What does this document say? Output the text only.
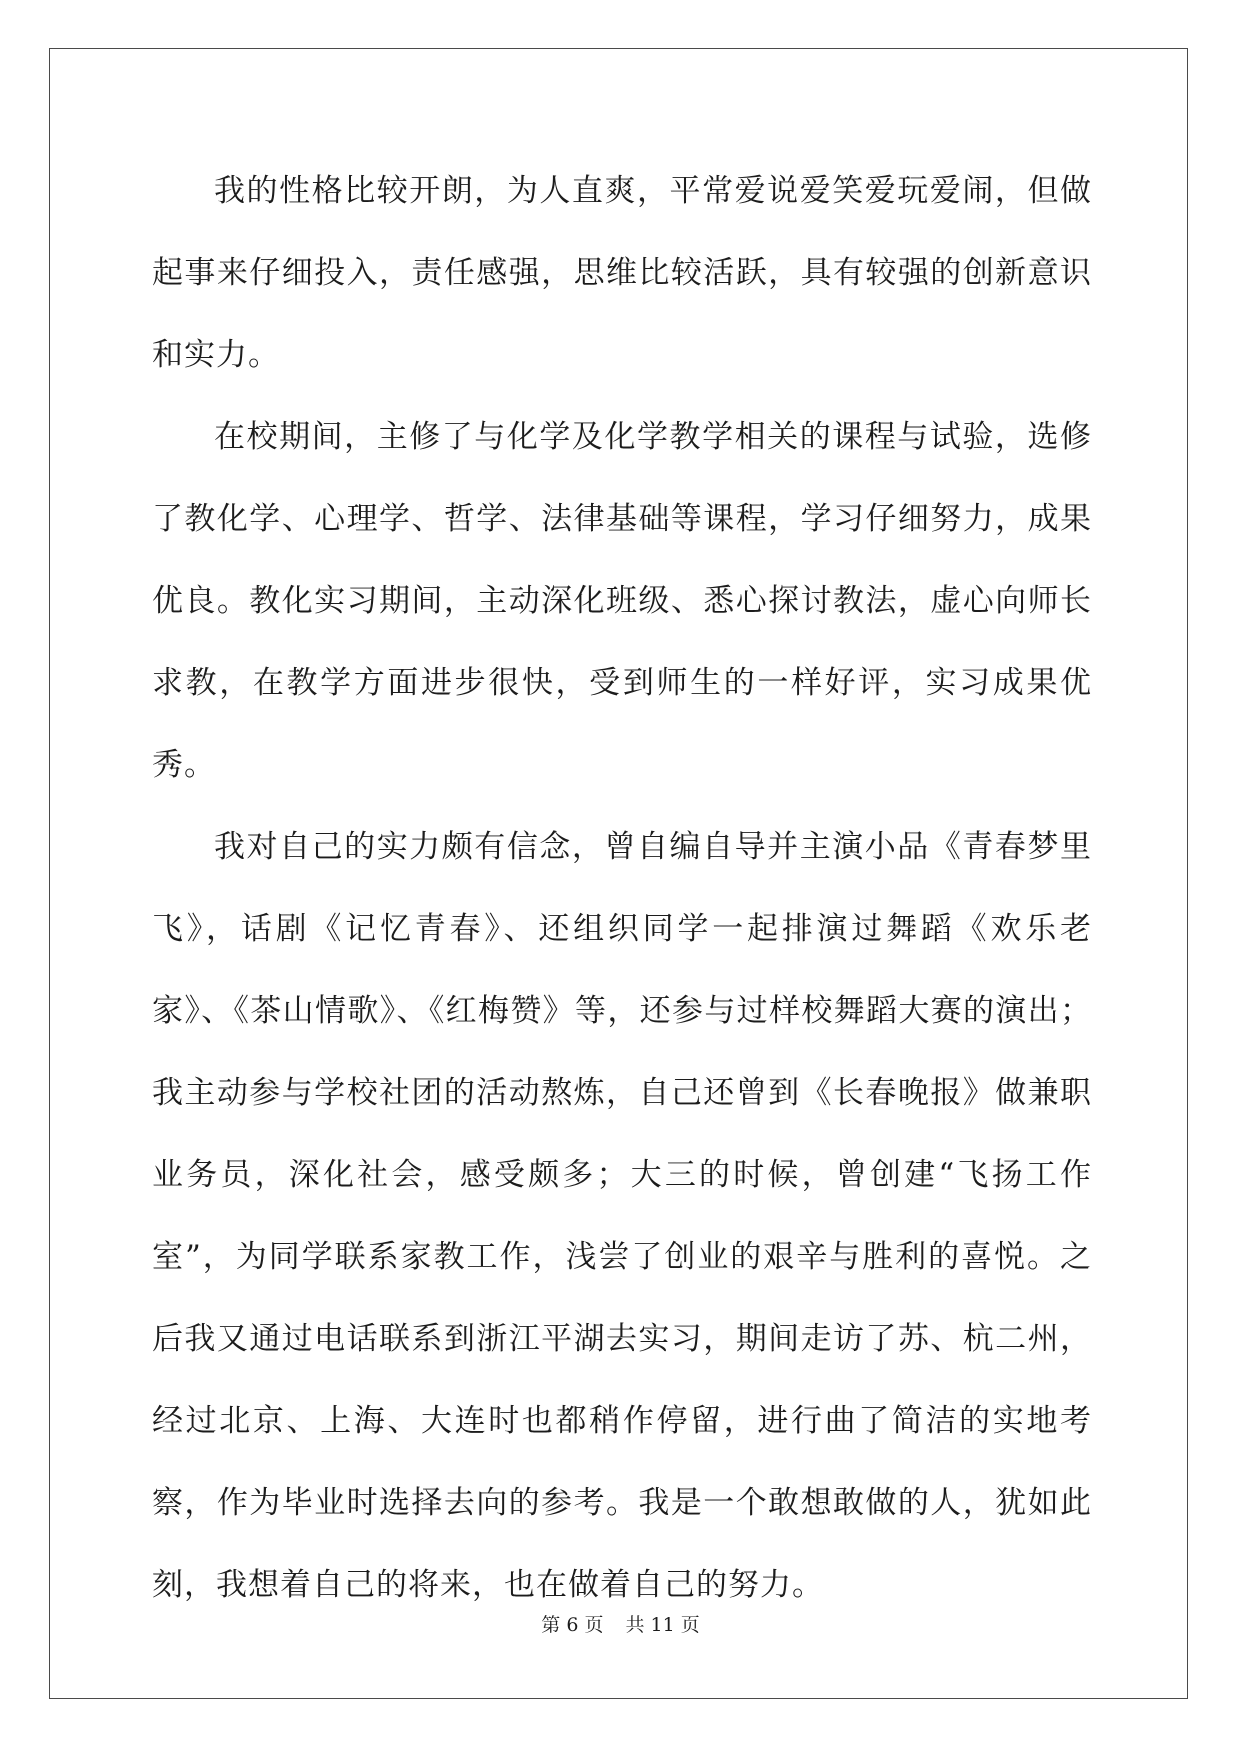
我的性格比较开朗，为人直爽，平常爱说爱笑爱玩爱闹，但做起事来仔细投入，责任感强，思维比较活跃，具有较强的创新意识和实力。

在校期间，主修了与化学及化学教学相关的课程与试验，选修了教化学、心理学、哲学、法律基础等课程，学习仔细努力，成果优良。教化实习期间，主动深化班级、悉心探讨教法，虚心向师长求教，在教学方面进步很快，受到师生的一样好评，实习成果优秀。

我对自己的实力颇有信念，曾自编自导并主演小品《青春梦里飞》，话剧《记忆青春》、还组织同学一起排演过舞蹈《欢乐老家》、《茶山情歌》、《红梅赞》等，还参与过样校舞蹈大赛的演出；我主动参与学校社团的活动熬炼，自己还曾到《长春晚报》做兼职业务员，深化社会，感受颇多；大三的时候，曾创建“飞扬工作室”，为同学联系家教工作，浅尝了创业的艰辛与胜利的喜悦。之后我又通过电话联系到浙江平湖去实习，期间走访了苏、杭二州，经过北京、上海、大连时也都稍作停留，进行曲了简洁的实地考察，作为毕业时选择去向的参考。我是一个敢想敢做的人，犹如此刻，我想着自己的将来，也在做着自己的努力。

第 6 页 共 11 页
